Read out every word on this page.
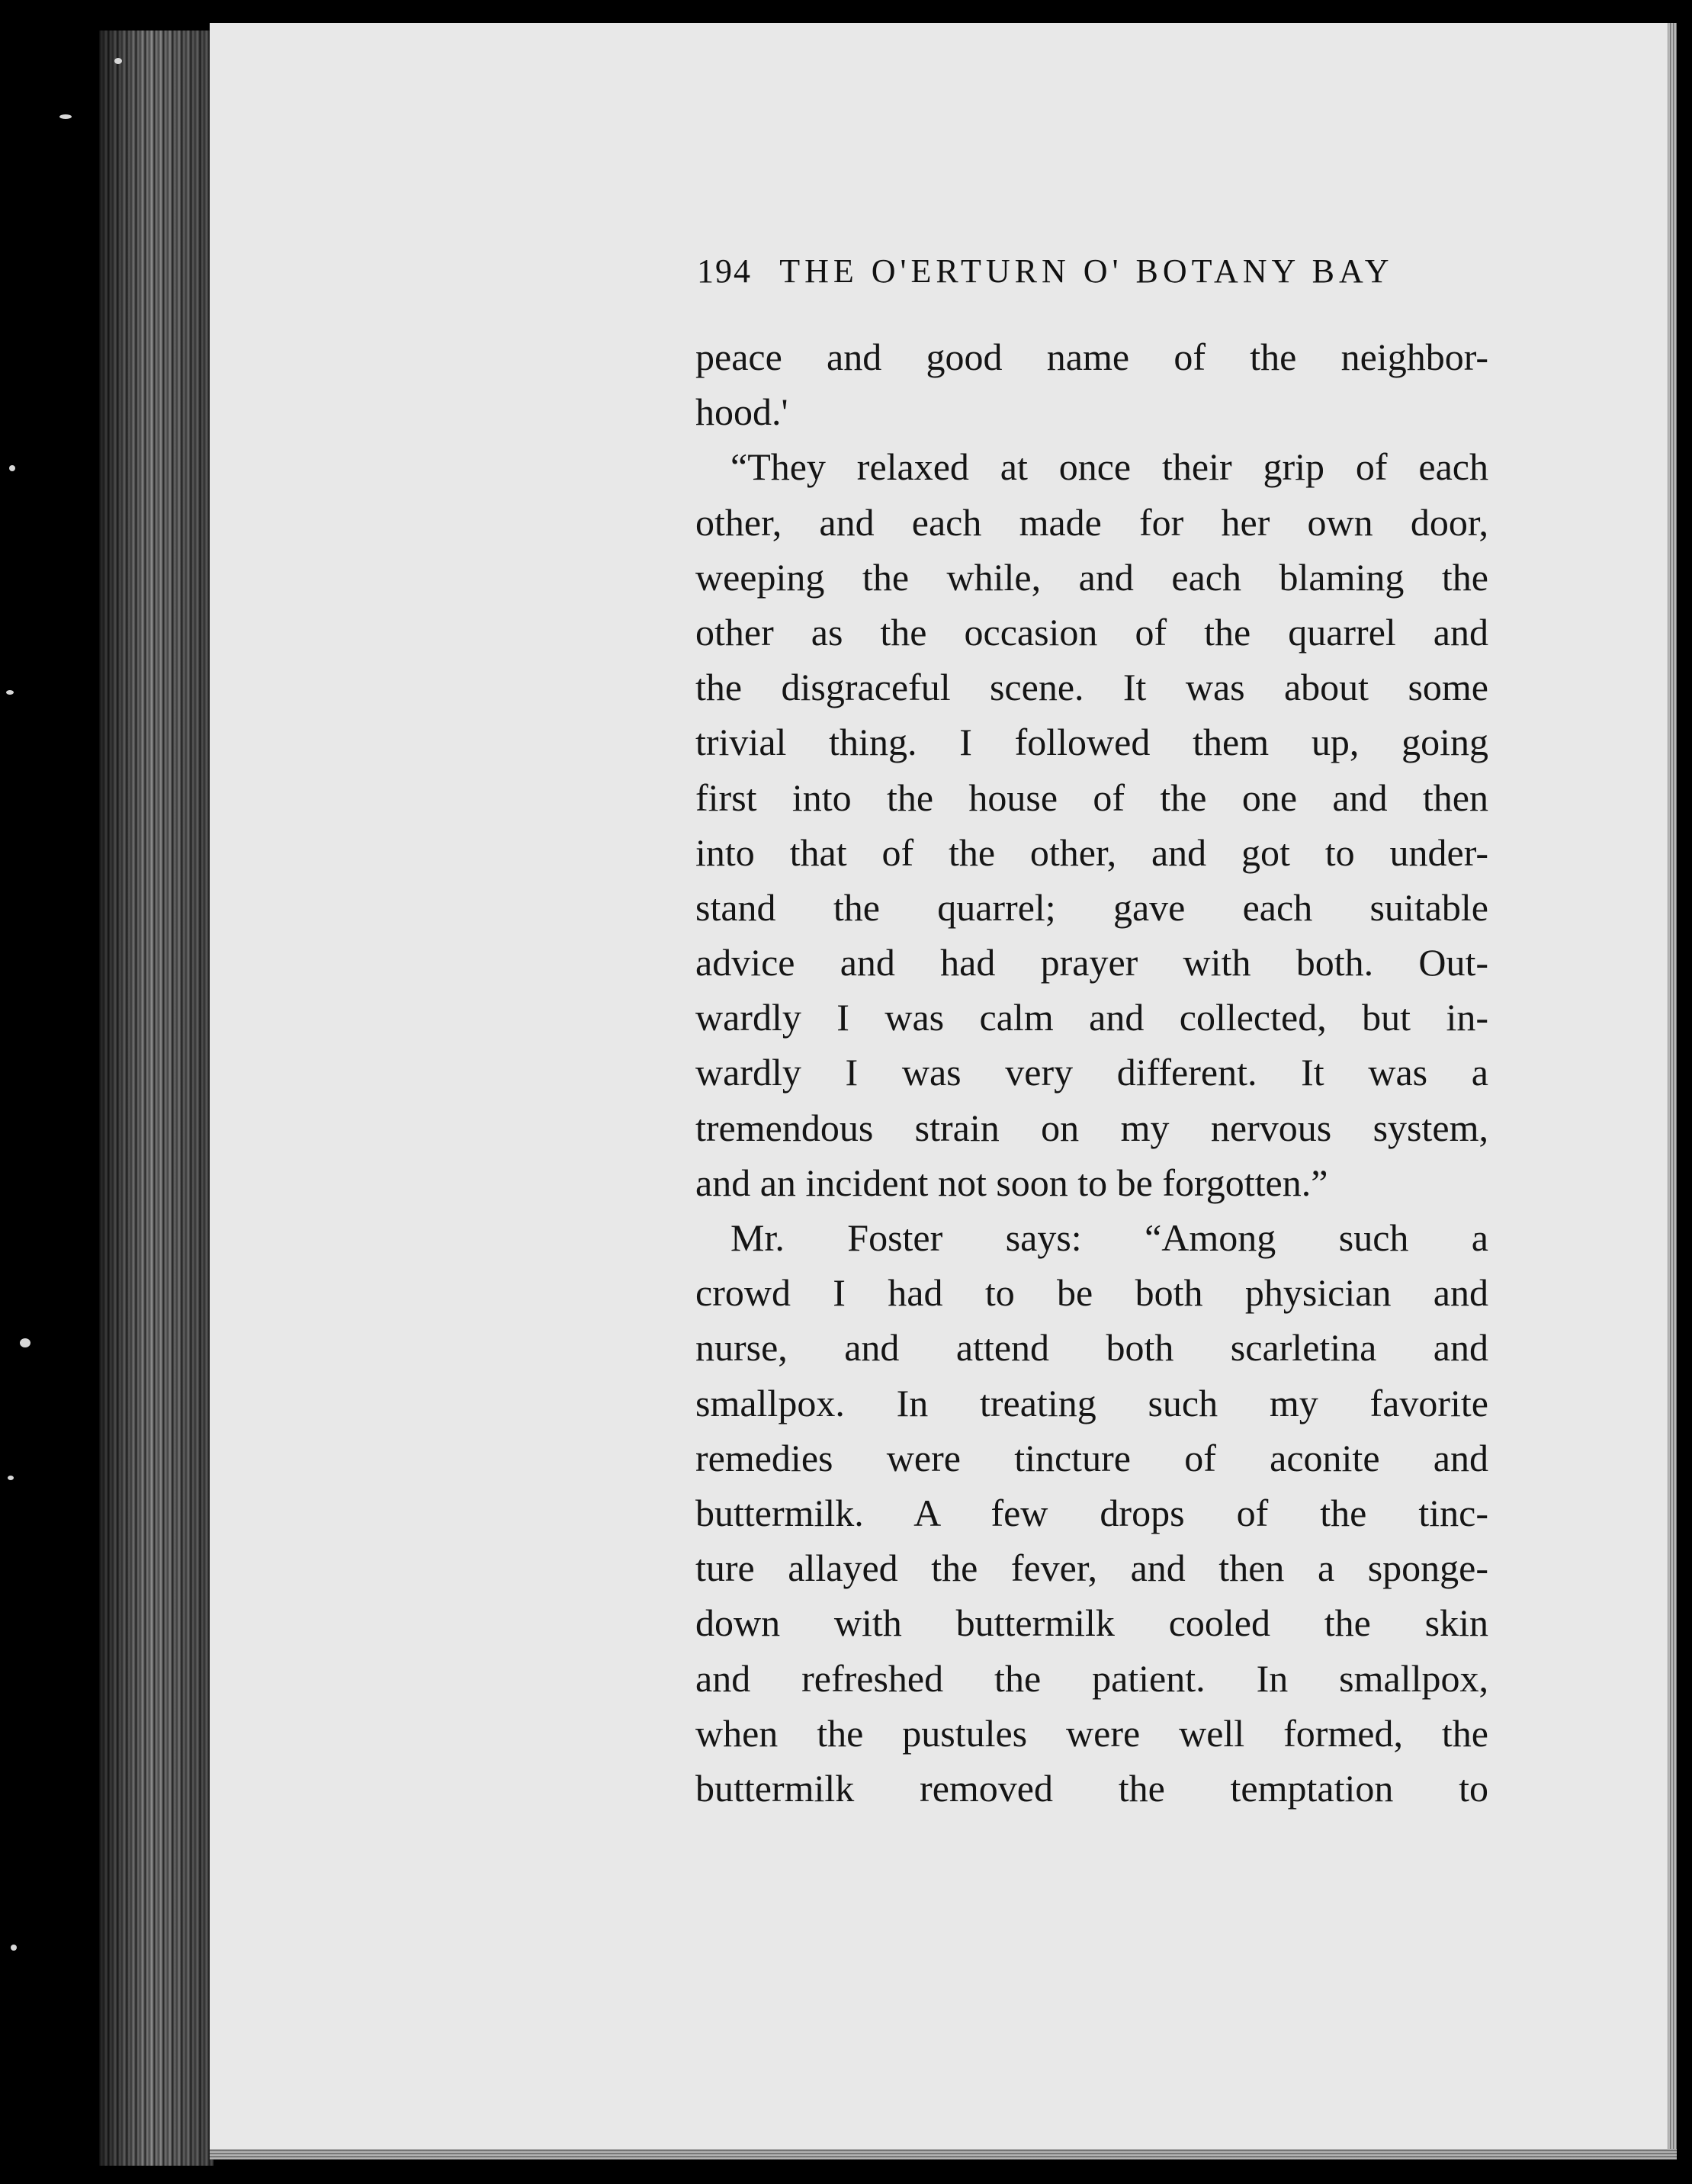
194 THE O'ERTURN O' BOTANY BAY
peace and good name of the neighbor-
hood.'
“They relaxed at once their grip of each
other, and each made for her own door,
weeping the while, and each blaming the
other as the occasion of the quarrel and
the disgraceful scene. It was about some
trivial thing. I followed them up, going
first into the house of the one and then
into that of the other, and got to under-
stand the quarrel; gave each suitable
advice and had prayer with both. Out-
wardly I was calm and collected, but in-
wardly I was very different. It was a
tremendous strain on my nervous system,
and an incident not soon to be forgotten.”
Mr. Foster says: “Among such a
crowd I had to be both physician and
nurse, and attend both scarletina and
smallpox. In treating such my favorite
remedies were tincture of aconite and
buttermilk. A few drops of the tinc-
ture allayed the fever, and then a sponge-
down with buttermilk cooled the skin
and refreshed the patient. In smallpox,
when the pustules were well formed, the
buttermilk removed the temptation to
